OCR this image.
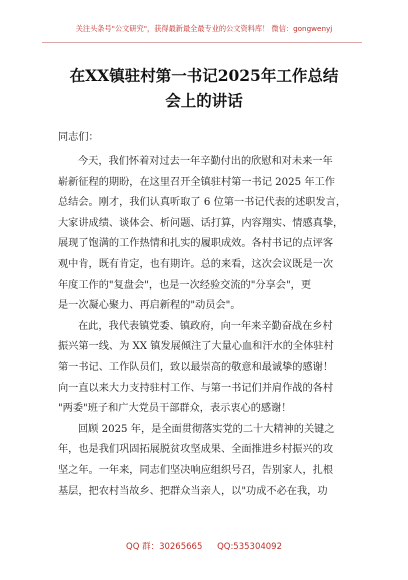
关注头条号"公文研究"，获得最新最全最专业的公文资料库！ 微信：gongwenyj
在XX镇驻村第一书记2025年工作总结
会上的讲话
同志们：
今天，我们怀着对过去一年辛勤付出的欣慰和对未来一年
崭新征程的期盼，在这里召开全镇驻村第一书记 2025 年工作
总结会。刚才，我们认真听取了 6 位第一书记代表的述职发言，
大家讲成绩、谈体会、析问题、话打算，内容翔实、情感真挚，
展现了饱满的工作热情和扎实的履职成效。各村书记的点评客
观中肯，既有肯定，也有期许。总的来看，这次会议既是一次
年度工作的"复盘会"，也是一次经验交流的"分享会"，更
是一次凝心聚力、再启新程的"动员会"。
在此，我代表镇党委、镇政府，向一年来辛勤奋战在乡村
振兴第一线、为 XX 镇发展倾注了大量心血和汗水的全体驻村
第一书记、工作队员们，致以最崇高的敬意和最诚挚的感谢！
向一直以来大力支持驻村工作、与第一书记们并肩作战的各村
"两委"班子和广大党员干部群众，表示衷心的感谢！
回顾 2025 年，是全面贯彻落实党的二十大精神的关键之
年，也是我们巩固拓展脱贫攻坚成果、全面推进乡村振兴的攻
坚之年。一年来，同志们坚决响应组织号召，告别家人，扎根
基层，把农村当故乡、把群众当亲人，以"功成不必在我，功
QQ 群：30265665 QQ:535304092
